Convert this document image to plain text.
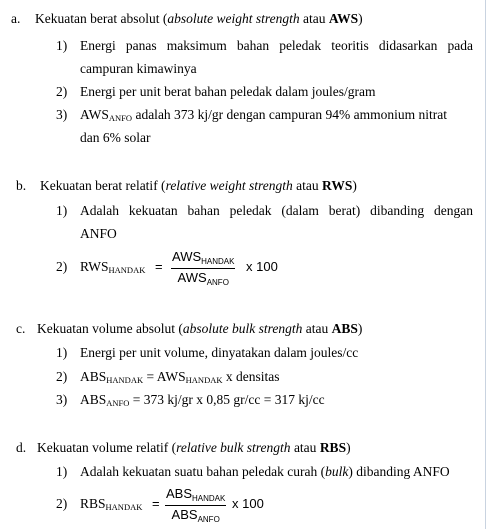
a. Kekuatan berat absolut (absolute weight strength atau AWS)
1) Energi panas maksimum bahan peledak teoritis didasarkan pada
campuran kimawinya
2) Energi per unit berat bahan peledak dalam joules/gram
3) $AWS_{ANFO}$ adalah 373 kj/gr dengan campuran 94% ammonium nitrat
dan 6% solar
b. Kekuatan berat relatif (relative weight strength atau RWS)
1) Adalah kekuatan bahan peledak (dalam berat) dibanding dengan
ANFO
2) $RWS_{HANDAK}$ =
$AWS_{HANDAK}$
$AWS_{ANFO}$
x 100
c. Kekuatan volume absolut (absolute bulk strength atau ABS)
1) Energi per unit volume, dinyatakan dalam joules/cc
2) $ABS_{HANDAK} = AWS_{HANDAK}$ x densitas
3) $ABS_{ANFO} = 373$ kj/gr x 0,85 gr/cc = 317 kj/cc
d. Kekuatan volume relatif (relative bulk strength atau RBS)
1) Adalah kekuatan suatu bahan peledak curah (bulk) dibanding ANFO
2) $RBS_{HANDAK}$ =
$ABS_{HANDAK}$
$ABS_{ANFO}$
x 100
